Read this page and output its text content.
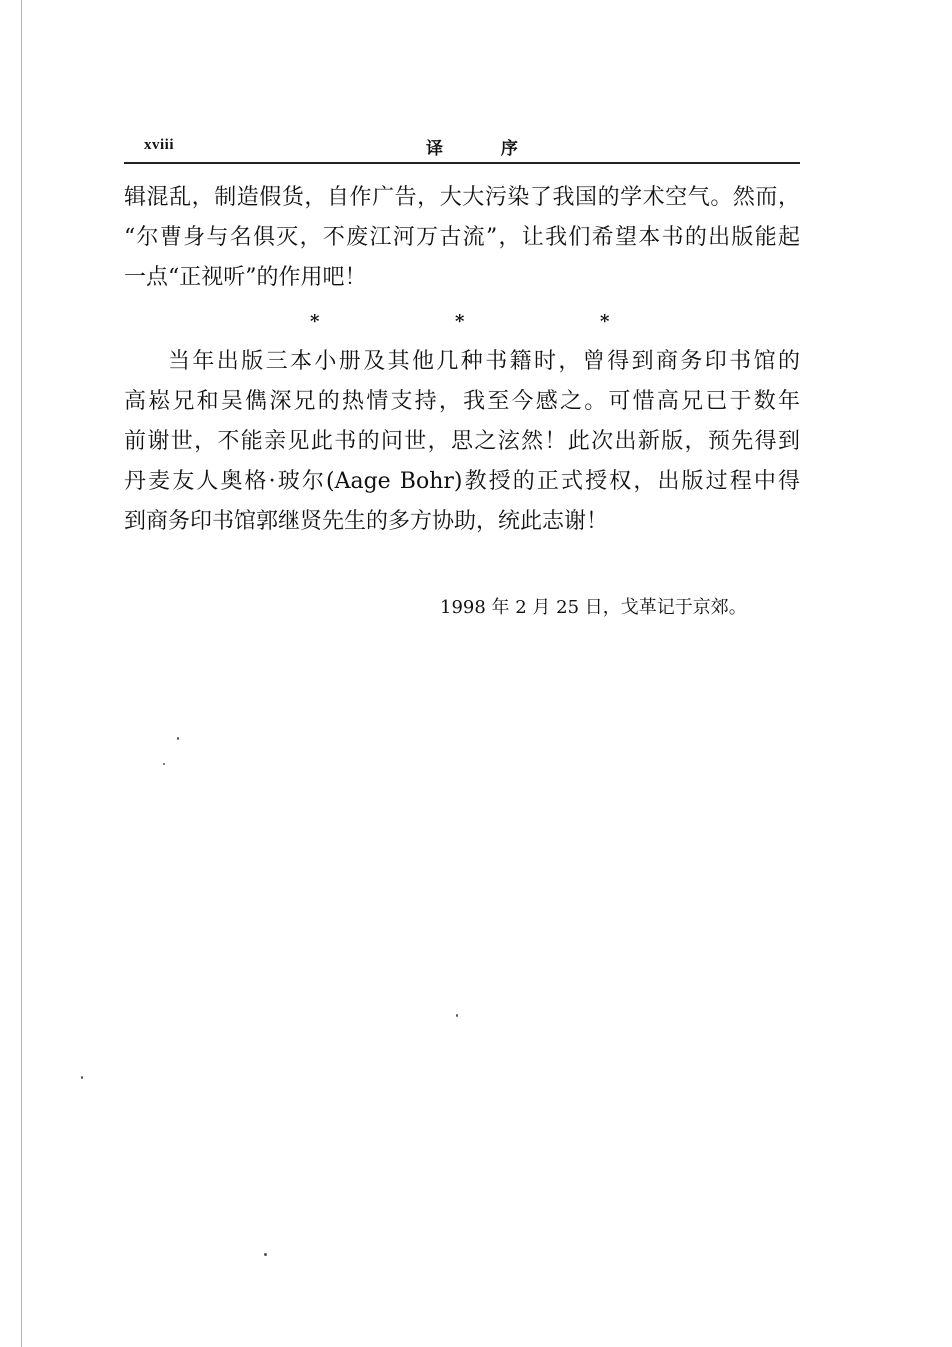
xviii	译 序
辑混乱，制造假货，自作广告，大大污染了我国的学术空气。然而，
“尔曹身与名俱灭，不废江河万古流”，让我们希望本书的出版能起
一点“正视听”的作用吧！
*	*	*
当年出版三本小册及其他几种书籍时，曾得到商务印书馆的
高崧兄和吴儁深兄的热情支持，我至今感之。可惜高兄已于数年
前谢世，不能亲见此书的问世，思之泫然！此次出新版，预先得到
丹麦友人奥格·玻尔(Aage Bohr)教授的正式授权，出版过程中得
到商务印书馆郭继贤先生的多方协助，统此志谢！
1998 年 2 月 25 日，戈革记于京郊。
